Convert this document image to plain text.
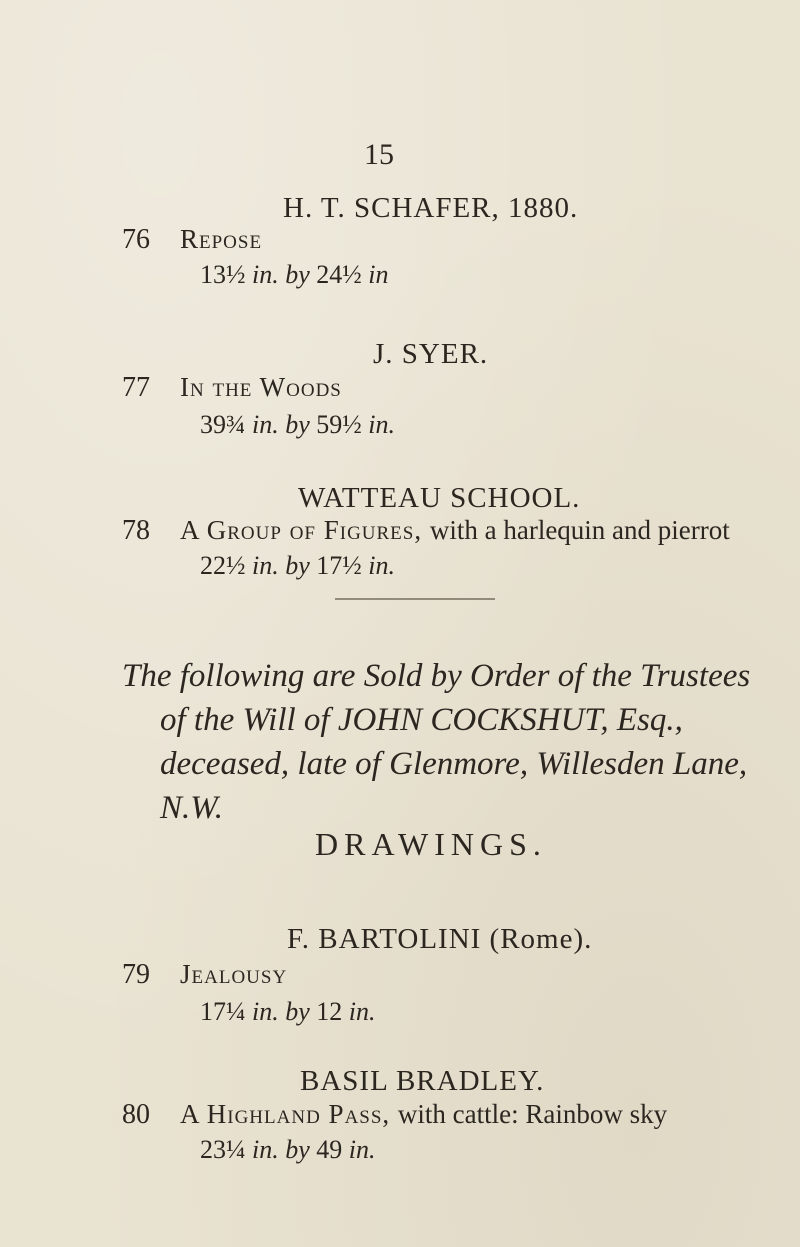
15
H. T. SCHAFER, 1880.
76 Repose
13½ in. by 24½ in
J. SYER.
77 In the Woods
39¾ in. by 59½ in.
WATTEAU SCHOOL.
78 A Group of Figures, with a harlequin and pierrot
22½ in. by 17½ in.
The following are Sold by Order of the Trustees
of the Will of JOHN COCKSHUT, Esq.,
deceased, late of Glenmore, Willesden Lane,
N.W.
DRAWINGS.
F. BARTOLINI (Rome).
79 Jealousy
17¼ in. by 12 in.
BASIL BRADLEY.
80 A Highland Pass, with cattle: Rainbow sky
23¼ in. by 49 in.
